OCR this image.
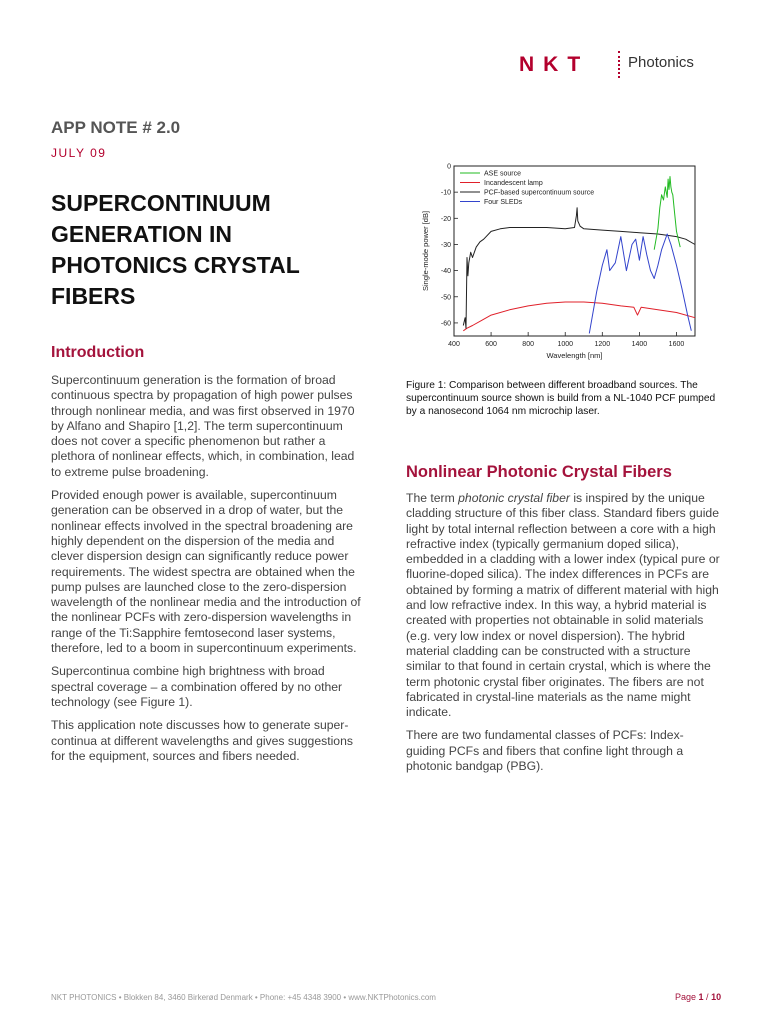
NKT	Photonics
APP NOTE # 2.0
JULY 09
SUPERCONTINUUM
GENERATION IN
PHOTONICS CRYSTAL
FIBERS
Introduction

Supercontinuum generation is the formation of broad continuous spectra by propagation of high power pulses through nonlinear media, and was first observed in 1970 by Alfano and Shapiro [1,2]. The term supercontinuum does not cover a specific phenomenon but rather a plethora of nonlinear effects, which, in combination, lead to extreme pulse broadening.

Provided enough power is available, supercontinuum generation can be observed in a drop of water, but the nonlinear effects involved in the spectral broadening are highly dependent on the dispersion of the media and clever dispersion design can significantly reduce power requirements. The widest spectra are obtained when the pump pulses are launched close to the zero-dispersion wavelength of the nonlinear media and the introduction of the nonlinear PCFs with zero-dispersion wavelengths in range of the Ti:Sapphire femtosecond laser systems, therefore, led to a boom in supercontinuum experiments.

Supercontinua combine high brightness with broad spectral coverage – a combination offered by no other technology (see Figure 1).

This application note discusses how to generate super-continua at different wavelengths and gives suggestions for the equipment, sources and fibers needed.

400	600	800	1000	1200	1400	1600
0
-10
-20
-30
-40
-50
-60
Wavelength [nm]
Single-mode power [dB]
ASE source
Incandescent lamp
PCF-based supercontinuum source
Four SLEDs
Figure 1: Comparison between different broadband sources. The supercontinuum source shown is build from a NL-1040 PCF pumped by a nanosecond 1064 nm microchip laser.
Nonlinear Photonic Crystal Fibers

The term photonic crystal fiber is inspired by the unique cladding structure of this fiber class. Standard fibers guide light by total internal reflection between a core with a high refractive index (typically germanium doped silica), embedded in a cladding with a lower index (typical pure or fluorine-doped silica). The index differences in PCFs are obtained by forming a matrix of different material with high and low refractive index. In this way, a hybrid material is created with properties not obtainable in solid materials (e.g. very low index or novel dispersion). The hybrid material cladding can be constructed with a structure similar to that found in certain crystal, which is where the term photonic crystal fiber originates. The fibers are not fabricated in crystal-line materials as the name might indicate.

There are two fundamental classes of PCFs: Index-guiding PCFs and fibers that confine light through a photonic bandgap (PBG).

NKT PHOTONICS • Blokken 84, 3460 Birkerød Denmark • Phone: +45 4348 3900 • www.NKTPhotonics.com	Page 1 / 10
